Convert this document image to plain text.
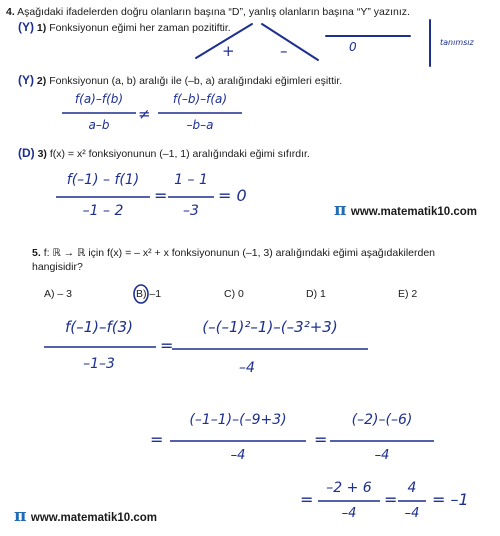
4. Aşağıdaki ifadelerden doğru olanların başına “D”, yanlış olanların başına “Y” yazınız.
(Y) 1) Fonksiyonun eğimi her zaman pozitiftir.
+	–	0	tanımsız
(Y) 2) Fonksiyonun (a, b) aralığı ile (–b, a) aralığındaki eğimleri eşittir.
f(a)–f(b)
a–b
≠
f(–b)–f(a)
–b–a
(D) 3) f(x) = x² fonksiyonunun (–1, 1) aralığındaki eğimi sıfırdır.
f(–1) – f(1)
–1 – 2
=
1 – 1
–3
= 0
π www.matematik10.com
5. f: ℝ → ℝ için f(x) = – x² + x fonksiyonunun (–1, 3) aralığındaki eğimi aşağıdakilerden
hangisidir?
A) – 3	B) –1	C) 0	D) 1	E) 2
f(–1)–f(3)
–1–3
=
(–(–1)²–1)–(–3²+3)
–4
=
(–1–1)–(–9+3)
–4
=
(–2)–(–6)
–4
=
–2 + 6
–4
=
4
–4
= –1
π www.matematik10.com
